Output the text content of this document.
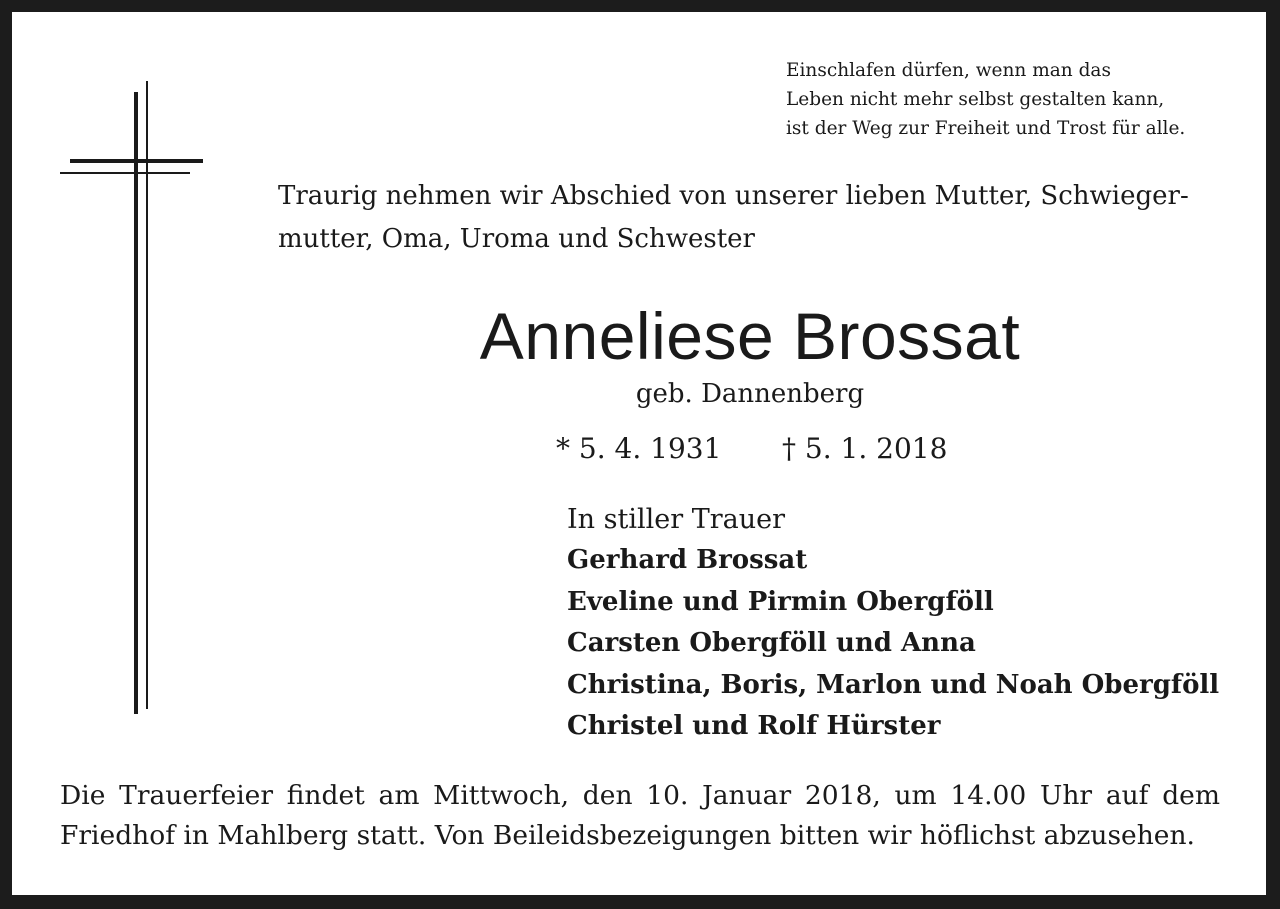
Einschlafen dürfen, wenn man das
Leben nicht mehr selbst gestalten kann,
ist der Weg zur Freiheit und Trost für alle.
Traurig nehmen wir Abschied von unserer lieben Mutter, Schwieger-
mutter, Oma, Uroma und Schwester
Anneliese Brossat
geb. Dannenberg
* 5. 4. 1931 † 5. 1. 2018
In stiller Trauer
Gerhard Brossat
Eveline und Pirmin Obergföll
Carsten Obergföll und Anna
Christina, Boris, Marlon und Noah Obergföll
Christel und Rolf Hürster
Die Trauerfeier findet am Mittwoch, den 10. Januar 2018, um 14.00 Uhr auf dem
Friedhof in Mahlberg statt. Von Beileidsbezeigungen bitten wir höflichst abzusehen.
